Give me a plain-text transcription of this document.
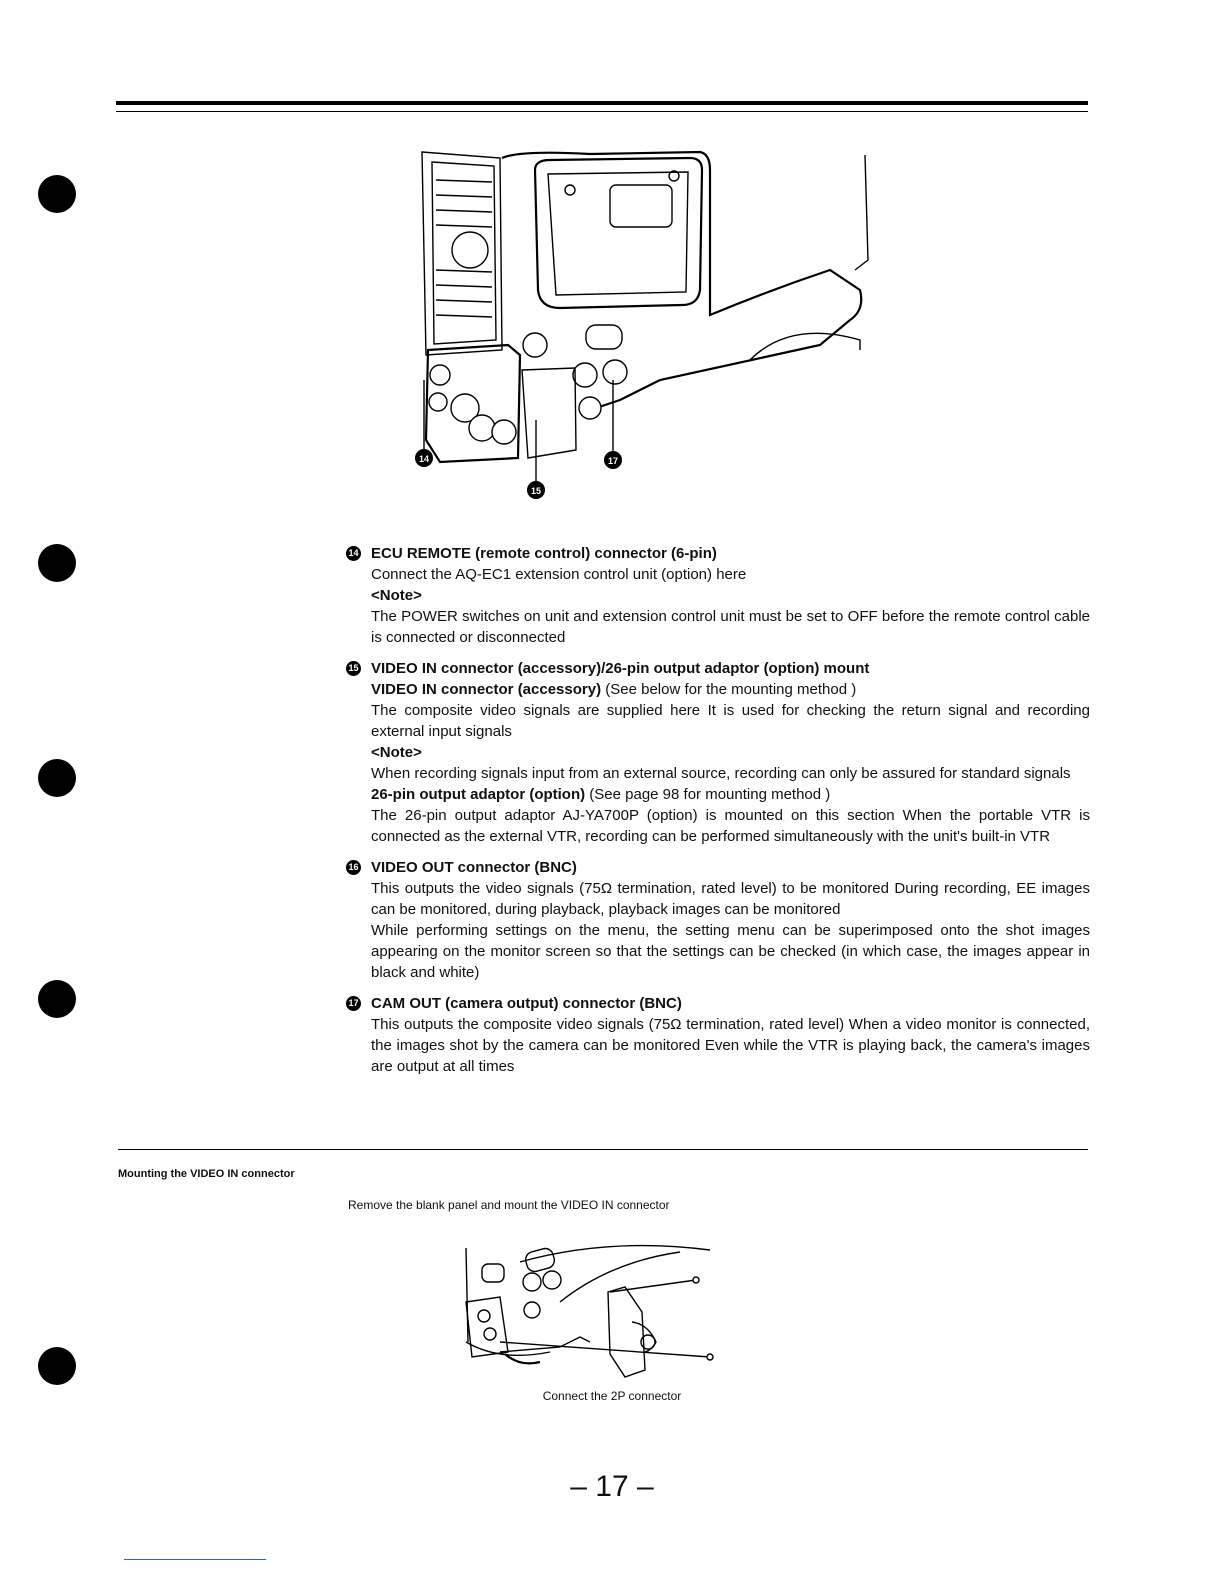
14
15
17
14 ECU REMOTE (remote control) connector (6-pin)

Connect the AQ-EC1 extension control unit (option) here

<Note>

The POWER switches on unit and extension control unit must be set to OFF before the remote control cable is connected or disconnected

15 VIDEO IN connector (accessory)/26-pin output adaptor (option) mount

VIDEO IN connector (accessory) (See below for the mounting method )

The composite video signals are supplied here It is used for checking the return signal and recording external input signals

<Note>

When recording signals input from an external source, recording can only be assured for standard signals

26-pin output adaptor (option) (See page 98 for mounting method )

The 26-pin output adaptor AJ-YA700P (option) is mounted on this section When the portable VTR is connected as the external VTR, recording can be performed simultaneously with the unit's built-in VTR

16 VIDEO OUT connector (BNC)

This outputs the video signals (75Ω termination, rated level) to be monitored During recording, EE images can be monitored, during playback, playback images can be monitored

While performing settings on the menu, the setting menu can be superimposed onto the shot images appearing on the monitor screen so that the settings can be checked (in which case, the images appear in black and white)

17 CAM OUT (camera output) connector (BNC)

This outputs the composite video signals (75Ω termination, rated level) When a video monitor is connected, the images shot by the camera can be monitored Even while the VTR is playing back, the camera's images are output at all times

Mounting the VIDEO IN connector
Remove the blank panel and mount the VIDEO IN connector
Connect the 2P connector
– 17 –
